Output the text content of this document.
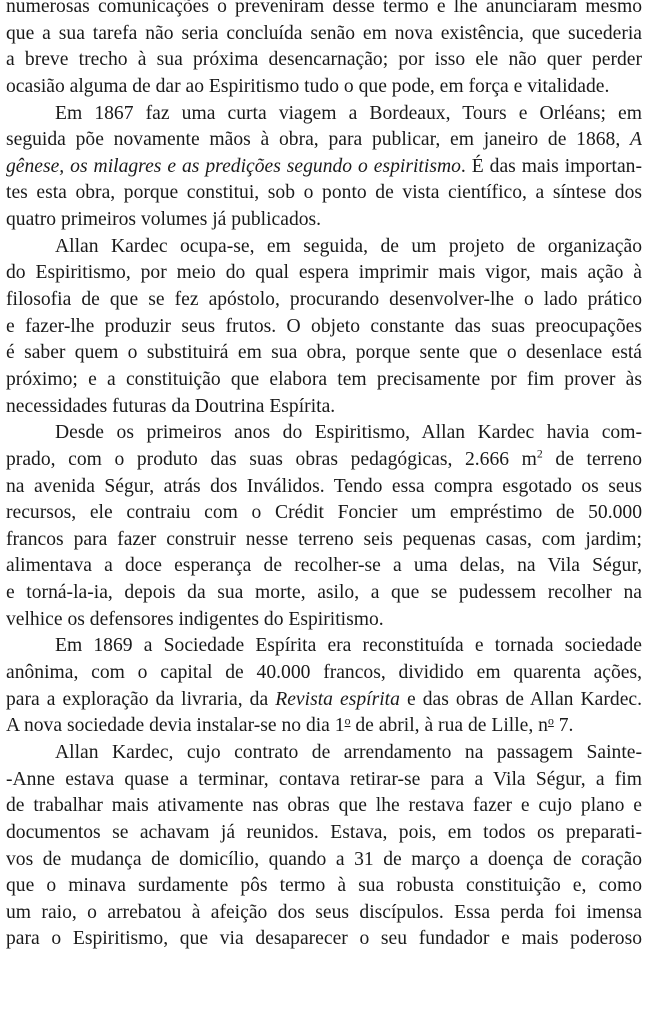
numerosas comunicações o preveniram desse termo e lhe anunciaram mesmo
que a sua tarefa não seria concluída senão em nova existência, que sucederia
a breve trecho à sua próxima desencarnação; por isso ele não quer perder
ocasião alguma de dar ao Espiritismo tudo o que pode, em força e vitalidade.

Em 1867 faz uma curta viagem a Bordeaux, Tours e Orléans; em
seguida põe novamente mãos à obra, para publicar, em janeiro de 1868, A
gênese, os milagres e as predições segundo o espiritismo. É das mais importan-
tes esta obra, porque constitui, sob o ponto de vista científico, a síntese dos
quatro primeiros volumes já publicados.

Allan Kardec ocupa-se, em seguida, de um projeto de organização
do Espiritismo, por meio do qual espera imprimir mais vigor, mais ação à
filosofia de que se fez apóstolo, procurando desenvolver-lhe o lado prático
e fazer-lhe produzir seus frutos. O objeto constante das suas preocupações
é saber quem o substituirá em sua obra, porque sente que o desenlace está
próximo; e a constituição que elabora tem precisamente por fim prover às
necessidades futuras da Doutrina Espírita.

Desde os primeiros anos do Espiritismo, Allan Kardec havia com-
prado, com o produto das suas obras pedagógicas, 2.666 $m^2$ de terreno
na avenida Ségur, atrás dos Inválidos. Tendo essa compra esgotado os seus
recursos, ele contraiu com o Crédit Foncier um empréstimo de 50.000
francos para fazer construir nesse terreno seis pequenas casas, com jardim;
alimentava a doce esperança de recolher-se a uma delas, na Vila Ségur,
e torná-la-ia, depois da sua morte, asilo, a que se pudessem recolher na
velhice os defensores indigentes do Espiritismo.

Em 1869 a Sociedade Espírita era reconstituída e tornada sociedade
anônima, com o capital de 40.000 francos, dividido em quarenta ações,
para a exploração da livraria, da Revista espírita e das obras de Allan Kardec.
A nova sociedade devia instalar-se no dia 1$^o$ de abril, à rua de Lille, $n^o$ 7.

Allan Kardec, cujo contrato de arrendamento na passagem Sainte-
-Anne estava quase a terminar, contava retirar-se para a Vila Ségur, a fim
de trabalhar mais ativamente nas obras que lhe restava fazer e cujo plano e
documentos se achavam já reunidos. Estava, pois, em todos os preparati-
vos de mudança de domicílio, quando a 31 de março a doença de coração
que o minava surdamente pôs termo à sua robusta constituição e, como
um raio, o arrebatou à afeição dos seus discípulos. Essa perda foi imensa
para o Espiritismo, que via desaparecer o seu fundador e mais poderoso
